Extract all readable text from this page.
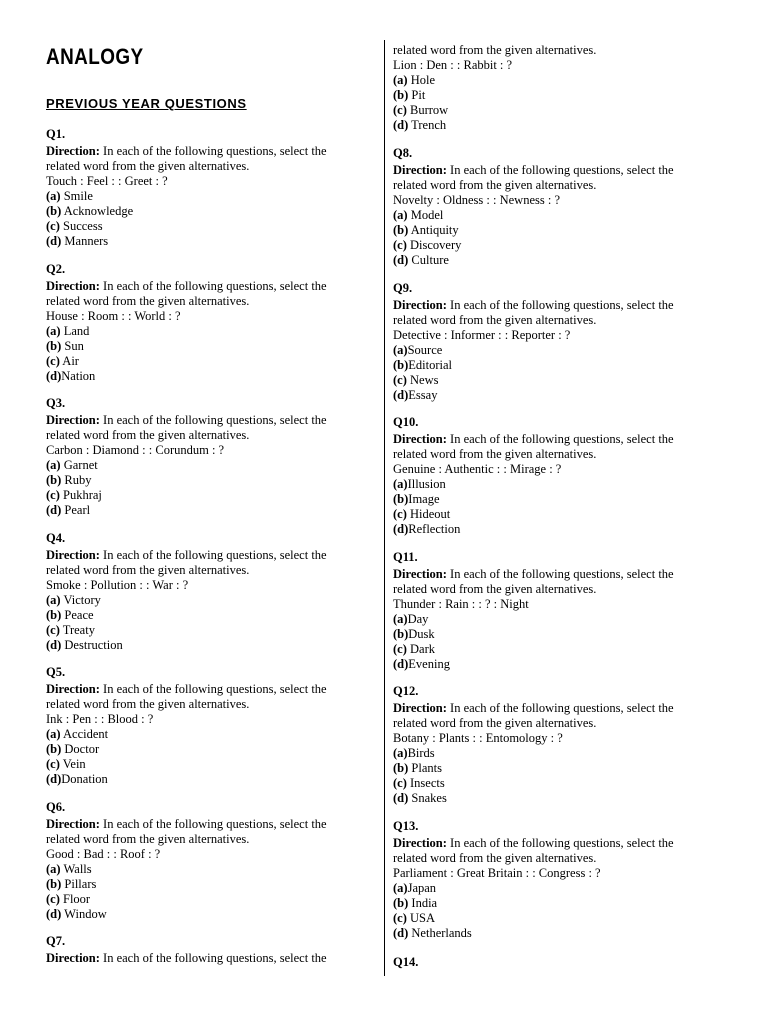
ANALOGY
PREVIOUS YEAR QUESTIONS
Q1.
Direction: In each of the following questions, select the
related word from the given alternatives.
Touch : Feel : : Greet : ?
(a) Smile
(b) Acknowledge
(c) Success
(d) Manners
Q2.
Direction: In each of the following questions, select the
related word from the given alternatives.
House : Room : : World : ?
(a) Land
(b) Sun
(c) Air
(d)Nation
Q3.
Direction: In each of the following questions, select the
related word from the given alternatives.
Carbon : Diamond : : Corundum : ?
(a) Garnet
(b) Ruby
(c) Pukhraj
(d) Pearl
Q4.
Direction: In each of the following questions, select the
related word from the given alternatives.
Smoke : Pollution : : War : ?
(a) Victory
(b) Peace
(c) Treaty
(d) Destruction
Q5.
Direction: In each of the following questions, select the
related word from the given alternatives.
Ink : Pen : : Blood : ?
(a) Accident
(b) Doctor
(c) Vein
(d)Donation
Q6.
Direction: In each of the following questions, select the
related word from the given alternatives.
Good : Bad : : Roof : ?
(a) Walls
(b) Pillars
(c) Floor
(d) Window
Q7.
Direction: In each of the following questions, select the
related word from the given alternatives.
Lion : Den : : Rabbit : ?
(a) Hole
(b) Pit
(c) Burrow
(d) Trench
Q8.
Direction: In each of the following questions, select the
related word from the given alternatives.
Novelty : Oldness : : Newness : ?
(a) Model
(b) Antiquity
(c) Discovery
(d) Culture
Q9.
Direction: In each of the following questions, select the
related word from the given alternatives.
Detective : Informer : : Reporter : ?
(a)Source
(b)Editorial
(c) News
(d)Essay
Q10.
Direction: In each of the following questions, select the
related word from the given alternatives.
Genuine : Authentic : : Mirage : ?
(a)Illusion
(b)Image
(c) Hideout
(d)Reflection
Q11.
Direction: In each of the following questions, select the
related word from the given alternatives.
Thunder : Rain : : ? : Night
(a)Day
(b)Dusk
(c) Dark
(d)Evening
Q12.
Direction: In each of the following questions, select the
related word from the given alternatives.
Botany : Plants : : Entomology : ?
(a)Birds
(b) Plants
(c) Insects
(d) Snakes
Q13.
Direction: In each of the following questions, select the
related word from the given alternatives.
Parliament : Great Britain : : Congress : ?
(a)Japan
(b) India
(c) USA
(d) Netherlands
Q14.
